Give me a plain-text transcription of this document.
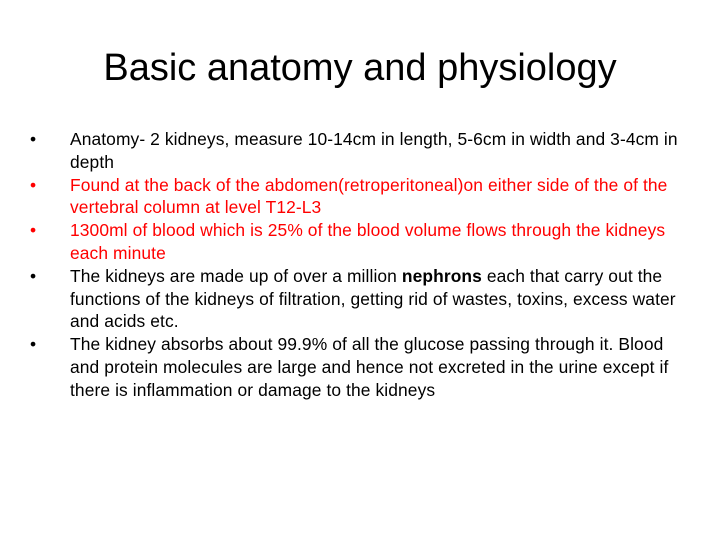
Basic anatomy and physiology
• Anatomy- 2 kidneys, measure 10-14cm in length, 5-6cm in width and 3-4cm in depth
• Found at the back of the abdomen(retroperitoneal)on either side of the of the vertebral column at level T12-L3
• 1300ml of blood which is 25% of the blood volume flows through the kidneys each minute
• The kidneys are made up of over a million nephrons each that carry out the functions of the kidneys of filtration, getting rid of wastes, toxins, excess water and acids etc.
• The kidney absorbs about 99.9% of all the glucose passing through it. Blood and protein molecules are large and hence not excreted in the urine except if there is inflammation or damage to the kidneys
